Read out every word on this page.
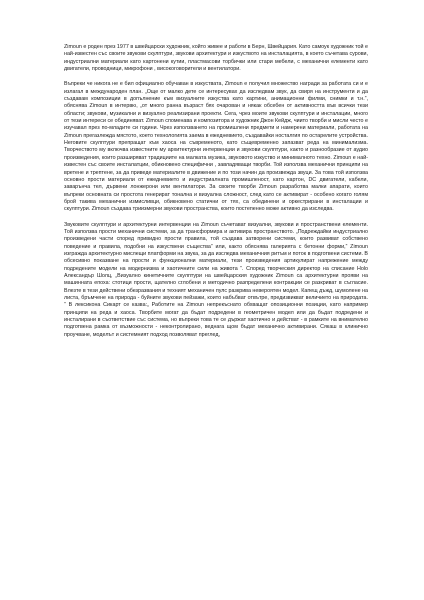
Zimoun е роден през 1977 в швейцарски художник, който живее и работи в Берн, Швейцария. Като самоук художник той е най-известен със своите звукови скулптури, звукови архитектури и изкуството на инсталацията, в което съчетава сурови, индустриални материали като картонени кутии, пластмасови торбички или стари мебели, с механични елементи като двигатели, проводници, микрофони , високоговорители и вентилатори.

Въпреки че никога не е бил официално обучаван в изкуствата, Zimoun е получил множество награди за работата си и е излагал в международен план. „Още от малко дете се интересувах да изследвам звук, да свиря на инструменти и да създавам композиции в допълнение към визуалните изкуства като картини, анимационни филми, снимки и т.н.“, обяснява Zimoun в интервю, „от много ранна възраст бях очарован и някак обсебен от активността във всички тези области; звукови, музикални и визуално реализирани проекти. Сега, чрез моите звукови скулптури и инсталации, много от тези интереси се обединяват. Zimoun споменава и композитора и художник Джон Кейдж, чиито творби и мисли често е изучавал през по-младите си години. Чрез използването на промишлени предмети и намерени материали, работата на Zimoun прегазлежда мястото, което технологията заема в ежедневието, създавайки носталгия по остарелите устройства. Неговите скулптури препращат към хаоса на съвременото, като същевременно запазват реда на минимализма. Творчеството му включва известните му архитектурни интервенции и звукови скулптури, както и разнообразие от аудио произведения, които разширяват традициите на малката музика, звуковото изкуство и минималното техно. Zimoun е най-известен със своите инсталатции, обикновено специфични , завладяващи творби. Той използва механични принципи на вретене и трептене, за да приведе материалите в движение и по този начин да произвежда звуци. За това той използва основно прости материали от ежедневието и индустриалната промишленост, като картон, DC двигатели, кабели, заварънча тел, дървени лонжерони или вентилатори. За своите творби Zimoun разработва малки апарати, които въпреки основната си простота генерират тонална и визуална сложност, след като се активират - особено когато голям брой такива механични измисливци, обикновено статични от тях, са обединени и оркестрирани в инсталации и скулптури. Zimoun създава триизмерни звукови пространства, които постепенно може активно да изследва.

Звуковите скулптури и архитектурни интервенции на Zimoun съчетават визуални, звукови и пространствени елементи. Той използва прости механични системи, за да трансформира и активира пространството. „Подреждайки индустриално произведени части според привидно прости правила, той създава затворени системи, които развиват собствено поведение и правила, подобни на изкуствени същества“ или, както обяснява галерията с бетонни форми,“ Zimoun изгражда архитектурно мислещи платформи на звука, за да изследва механичния ритъм и поток в подготвени системи. В обсесивно показване на прости и функционални материали, тези произведения артикулират напрежение между подредените модели на модернизма и хаотичните сили на живота “. Според творческия директор на списание Holo Александър Шолц, „Визуално кинетичните скулптури на швейцарския художник Zimoun са архитектурни прояви на машинната епоха: стотици прости, щателно сглобени и методично разпределени контракции се разкриват в съгласие. Влезте в тези действени обезразвания и техният механичен пулс разкрива невероятен модел. Капещ дъжд, шумолене на листа, бръмчене на природа - буйните звукови пейзажи, които набъбват отвътре, предизвикват величието на природата. “ В лексикона Сикарт се казва:„ Работите на Zimoun непрекъснато обхващат опозиционни позиции, като например принципи на реда и хаоса. Творбите могат да бъдат подредени в геометричен модел или да бъдат подредени и инсталирани в съответствие със система, но въпреки това те се държат хаотично и действат - в рамките на внимателно подготвена рамка от възможности - неконтролирано, веднага щом бъдат механично активирани. Сякаш в клинично проучване, моделът и системният подход позволяват преглед,
